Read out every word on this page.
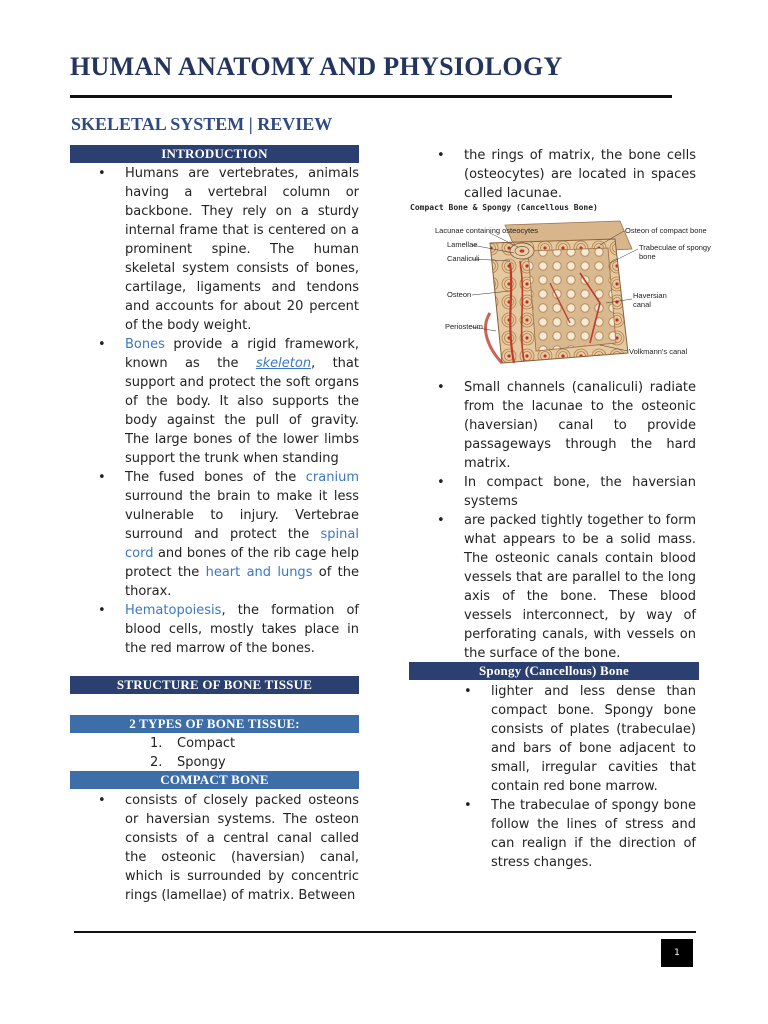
HUMAN ANATOMY AND PHYSIOLOGY
SKELETAL SYSTEM | REVIEW
INTRODUCTION
• Humans are vertebrates, animals having a vertebral column or backbone. They rely on a sturdy internal frame that is centered on a prominent spine. The human skeletal system consists of bones, cartilage, ligaments and tendons and accounts for about 20 percent of the body weight.
• Bones provide a rigid framework, known as the skeleton, that support and protect the soft organs of the body. It also supports the body against the pull of gravity. The large bones of the lower limbs support the trunk when standing
• The fused bones of the cranium surround the brain to make it less vulnerable to injury. Vertebrae surround and protect the spinal cord and bones of the rib cage help protect the heart and lungs of the thorax.
• Hematopoiesis, the formation of blood cells, mostly takes place in the red marrow of the bones.
STRUCTURE OF BONE TISSUE
2 TYPES OF BONE TISSUE:
1. Compact
2. Spongy
COMPACT BONE
• consists of closely packed osteons or haversian systems. The osteon consists of a central canal called the osteonic (haversian) canal, which is surrounded by concentric rings (lamellae) of matrix. Between
• the rings of matrix, the bone cells (osteocytes) are located in spaces called lacunae.
Compact Bone & Spongy (Cancellous Bone)
Lacunae containing osteocytes
Lamellae
Canaliculi
Osteon
Periosteum
Osteon of compact bone
Trabeculae of spongy bone
Haversian canal
Volkmann's canal
• Small channels (canaliculi) radiate from the lacunae to the osteonic (haversian) canal to provide passageways through the hard matrix.
• In compact bone, the haversian systems
• are packed tightly together to form what appears to be a solid mass. The osteonic canals contain blood vessels that are parallel to the long axis of the bone. These blood vessels interconnect, by way of perforating canals, with vessels on the surface of the bone.
Spongy (Cancellous) Bone
• lighter and less dense than compact bone. Spongy bone consists of plates (trabeculae) and bars of bone adjacent to small, irregular cavities that contain red bone marrow.
• The trabeculae of spongy bone follow the lines of stress and can realign if the direction of stress changes.
1
